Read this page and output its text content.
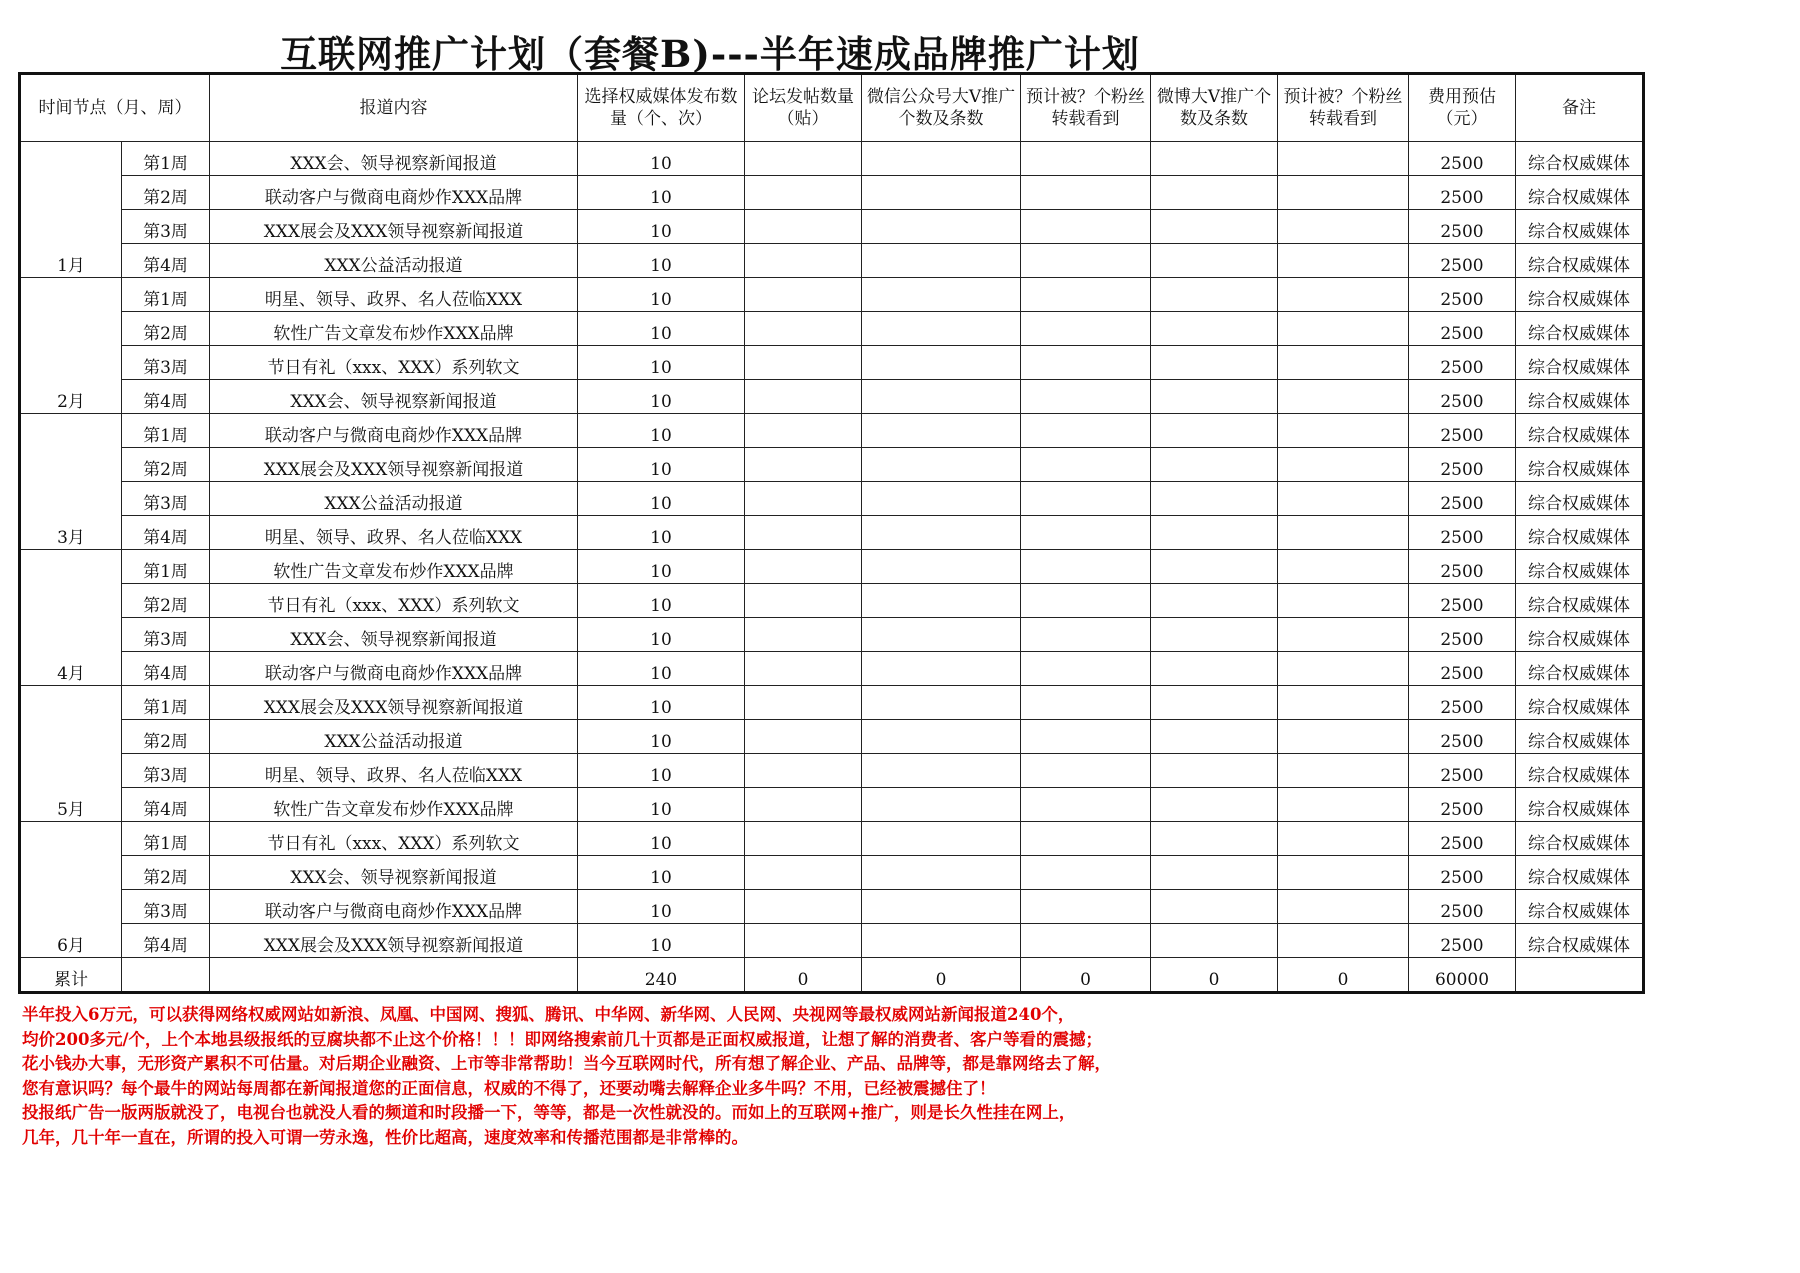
互联网推广计划（套餐B)---半年速成品牌推广计划
时间节点（月、周）		报道内容	选择权威媒体发布数量（个、次）	论坛发帖数量（贴）	微信公众号大V推广个数及条数	预计被？个粉丝转载看到	微博大V推广个数及条数	预计被？个粉丝转载看到	费用预估（元）	备注
1月	第1周	XXX会、领导视察新闻报道	10						2500	综合权威媒体
	第2周	联动客户与微商电商炒作XXX品牌	10						2500	综合权威媒体
	第3周	XXX展会及XXX领导视察新闻报道	10						2500	综合权威媒体
	第4周	XXX公益活动报道	10						2500	综合权威媒体
2月	第1周	明星、领导、政界、名人莅临XXX	10						2500	综合权威媒体
	第2周	软性广告文章发布炒作XXX品牌	10						2500	综合权威媒体
	第3周	节日有礼（xxx、XXX）系列软文	10						2500	综合权威媒体
	第4周	XXX会、领导视察新闻报道	10						2500	综合权威媒体
3月	第1周	联动客户与微商电商炒作XXX品牌	10						2500	综合权威媒体
	第2周	XXX展会及XXX领导视察新闻报道	10						2500	综合权威媒体
	第3周	XXX公益活动报道	10						2500	综合权威媒体
	第4周	明星、领导、政界、名人莅临XXX	10						2500	综合权威媒体
4月	第1周	软性广告文章发布炒作XXX品牌	10						2500	综合权威媒体
	第2周	节日有礼（xxx、XXX）系列软文	10						2500	综合权威媒体
	第3周	XXX会、领导视察新闻报道	10						2500	综合权威媒体
	第4周	联动客户与微商电商炒作XXX品牌	10						2500	综合权威媒体
5月	第1周	XXX展会及XXX领导视察新闻报道	10						2500	综合权威媒体
	第2周	XXX公益活动报道	10						2500	综合权威媒体
	第3周	明星、领导、政界、名人莅临XXX	10						2500	综合权威媒体
	第4周	软性广告文章发布炒作XXX品牌	10						2500	综合权威媒体
6月	第1周	节日有礼（xxx、XXX）系列软文	10						2500	综合权威媒体
	第2周	XXX会、领导视察新闻报道	10						2500	综合权威媒体
	第3周	联动客户与微商电商炒作XXX品牌	10						2500	综合权威媒体
	第4周	XXX展会及XXX领导视察新闻报道	10						2500	综合权威媒体
累计			240	0	0	0	0	0	60000	
半年投入6万元，可以获得网络权威网站如新浪、凤凰、中国网、搜狐、腾讯、中华网、新华网、人民网、央视网等最权威网站新闻报道240个，
均价200多元/个，上个本地县级报纸的豆腐块都不止这个价格！！！即网络搜索前几十页都是正面权威报道，让想了解的消费者、客户等看的震撼；
花小钱办大事，无形资产累积不可估量。对后期企业融资、上市等非常帮助！当今互联网时代，所有想了解企业、产品、品牌等，都是靠网络去了解，
您有意识吗？每个最牛的网站每周都在新闻报道您的正面信息，权威的不得了，还要动嘴去解释企业多牛吗？不用，已经被震撼住了！
投报纸广告一版两版就没了，电视台也就没人看的频道和时段播一下，等等，都是一次性就没的。而如上的互联网+推广，则是长久性挂在网上，
几年，几十年一直在，所谓的投入可谓一劳永逸，性价比超高，速度效率和传播范围都是非常棒的。
